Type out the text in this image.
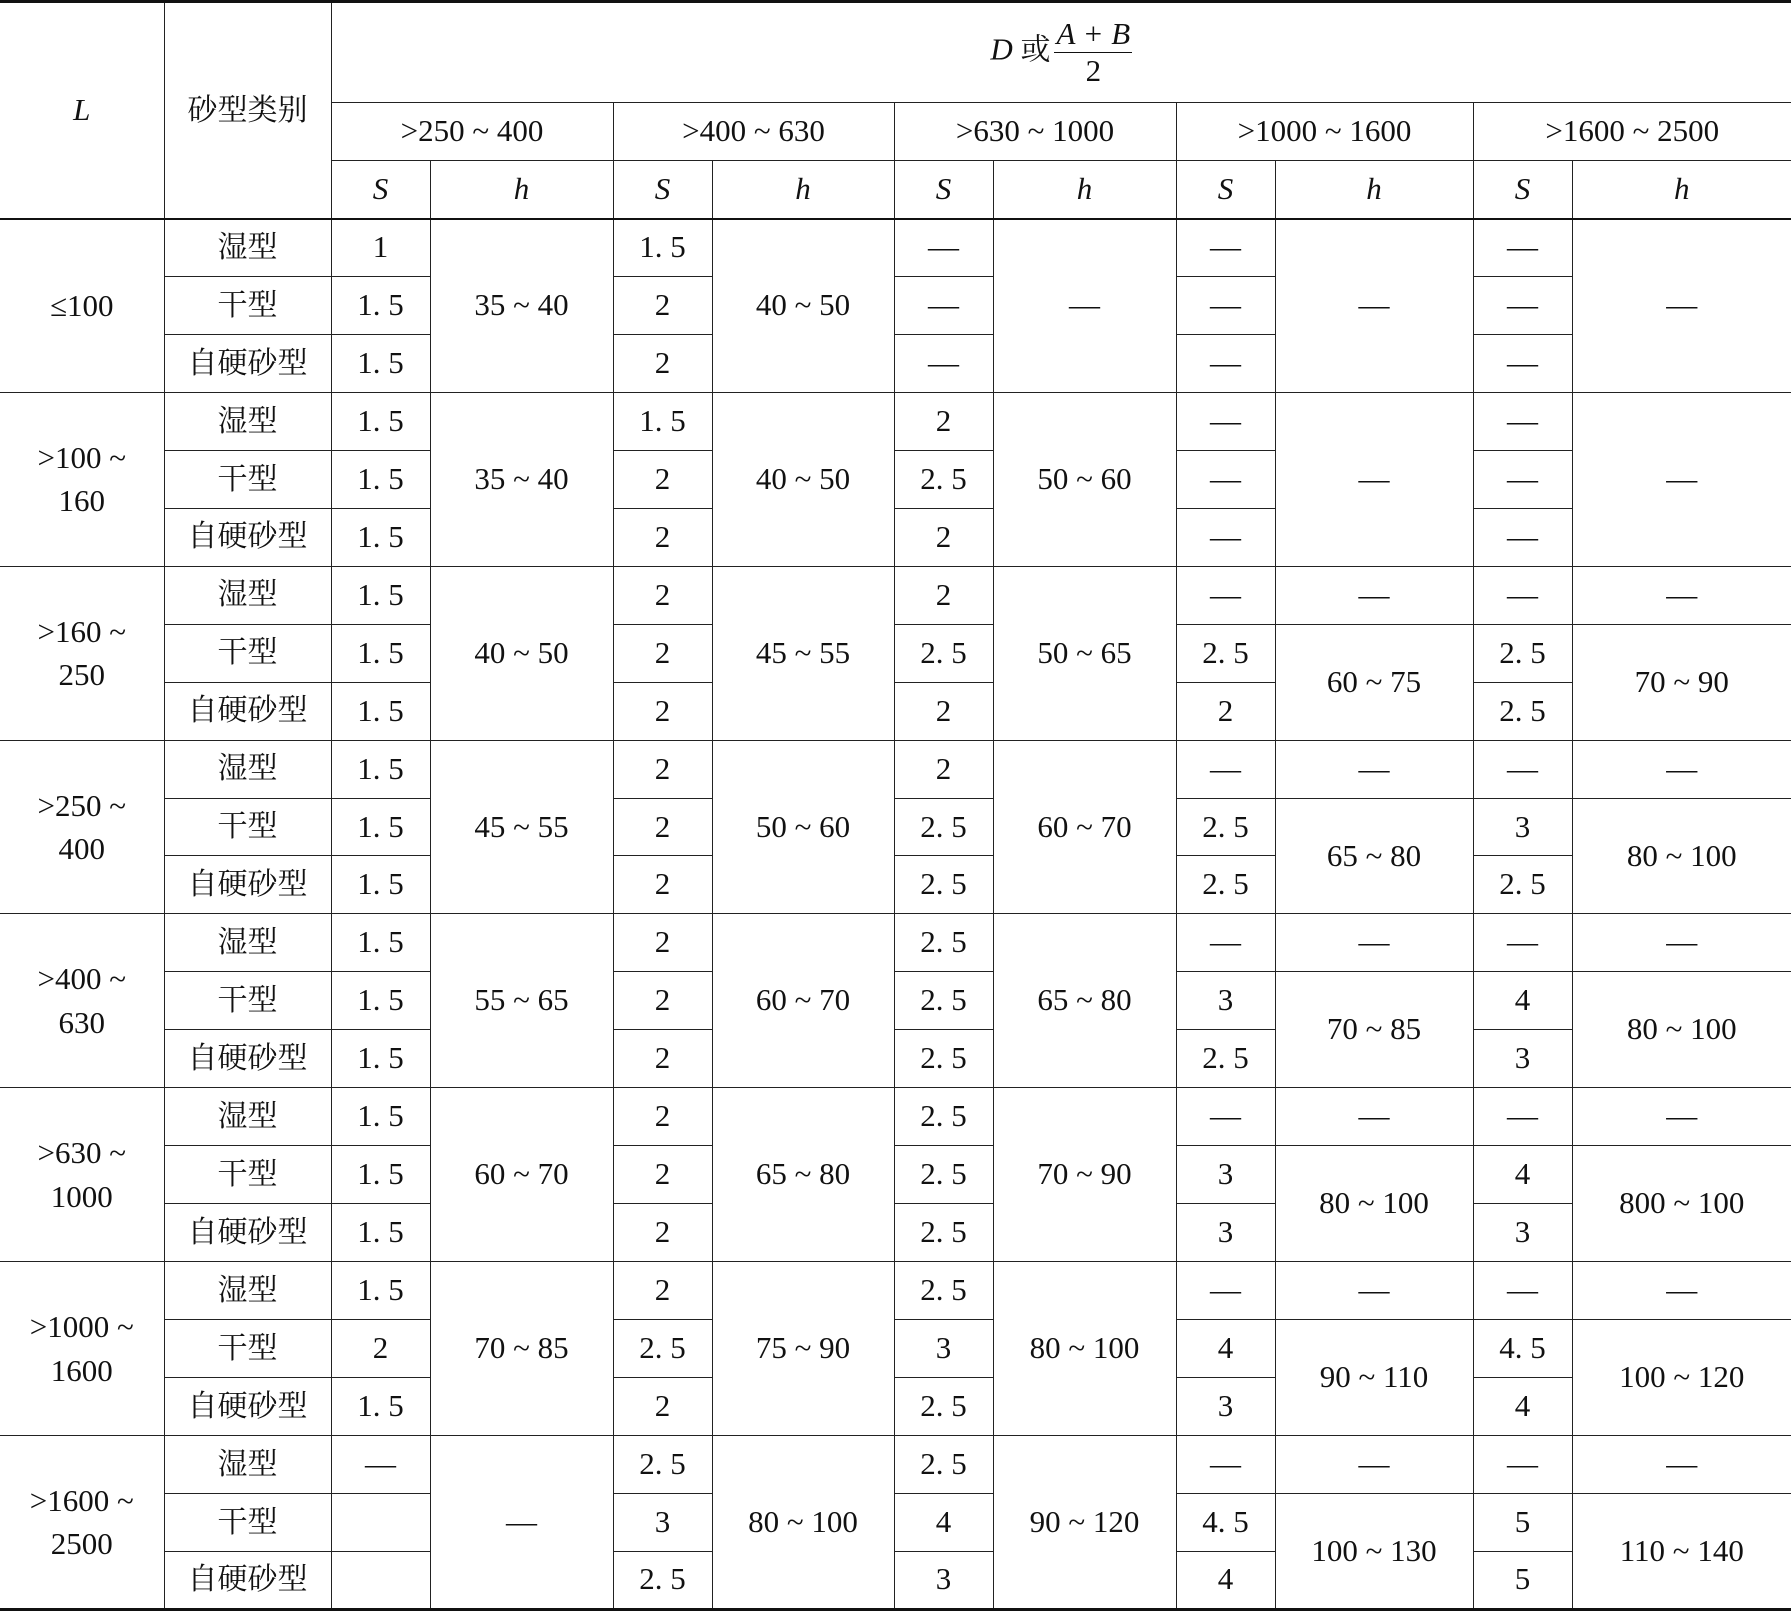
L	砂型类别	D 或 $\frac{A + B}{2}$

		>250 ~ 400		>400 ~ 630		>630 ~ 1000		>1000 ~ 1600		>1600 ~ 2500	
		S	h	S	h	S	h	S	h	S	h
≤100	湿型	1	35 ~ 40	1. 5	40 ~ 50	—	—	—	—	—	—
	干型	1. 5		2		—		—		—	
	自硬砂型	1. 5		2		—		—		—	
>100 ~ 160	湿型	1. 5	35 ~ 40	1. 5	40 ~ 50	2	50 ~ 60	—	—	—	—
	干型	1. 5		2		2. 5		—		—	
	自硬砂型	1. 5		2		2		—		—	
>160 ~ 250	湿型	1. 5	40 ~ 50	2	45 ~ 55	2	50 ~ 65	—	—	—	—
	干型	1. 5		2		2. 5		2. 5	60 ~ 75	2. 5	70 ~ 90
	自硬砂型	1. 5		2		2		2		2. 5	
>250 ~ 400	湿型	1. 5	45 ~ 55	2	50 ~ 60	2	60 ~ 70	—	—	—	—
	干型	1. 5		2		2. 5		2. 5	65 ~ 80	3	80 ~ 100
	自硬砂型	1. 5		2		2. 5		2. 5		2. 5	
>400 ~ 630	湿型	1. 5	55 ~ 65	2	60 ~ 70	2. 5	65 ~ 80	—	—	—	—
	干型	1. 5		2		2. 5		3	70 ~ 85	4	80 ~ 100
	自硬砂型	1. 5		2		2. 5		2. 5		3	
>630 ~ 1000	湿型	1. 5	60 ~ 70	2	65 ~ 80	2. 5	70 ~ 90	—	—	—	—
	干型	1. 5		2		2. 5		3	80 ~ 100	4	800 ~ 100
	自硬砂型	1. 5		2		2. 5		3		3	
>1000 ~ 1600	湿型	1. 5	70 ~ 85	2	75 ~ 90	2. 5	80 ~ 100	—	—	—	—
	干型	2		2. 5		3		4	90 ~ 110	4. 5	100 ~ 120
	自硬砂型	1. 5		2		2. 5		3		4	
>1600 ~ 2500	湿型	—	—	2. 5	80 ~ 100	2. 5	90 ~ 120	—	—	—	—
	干型			3		4		4. 5	100 ~ 130	5	110 ~ 140
	自硬砂型			2. 5		3		4		5	
